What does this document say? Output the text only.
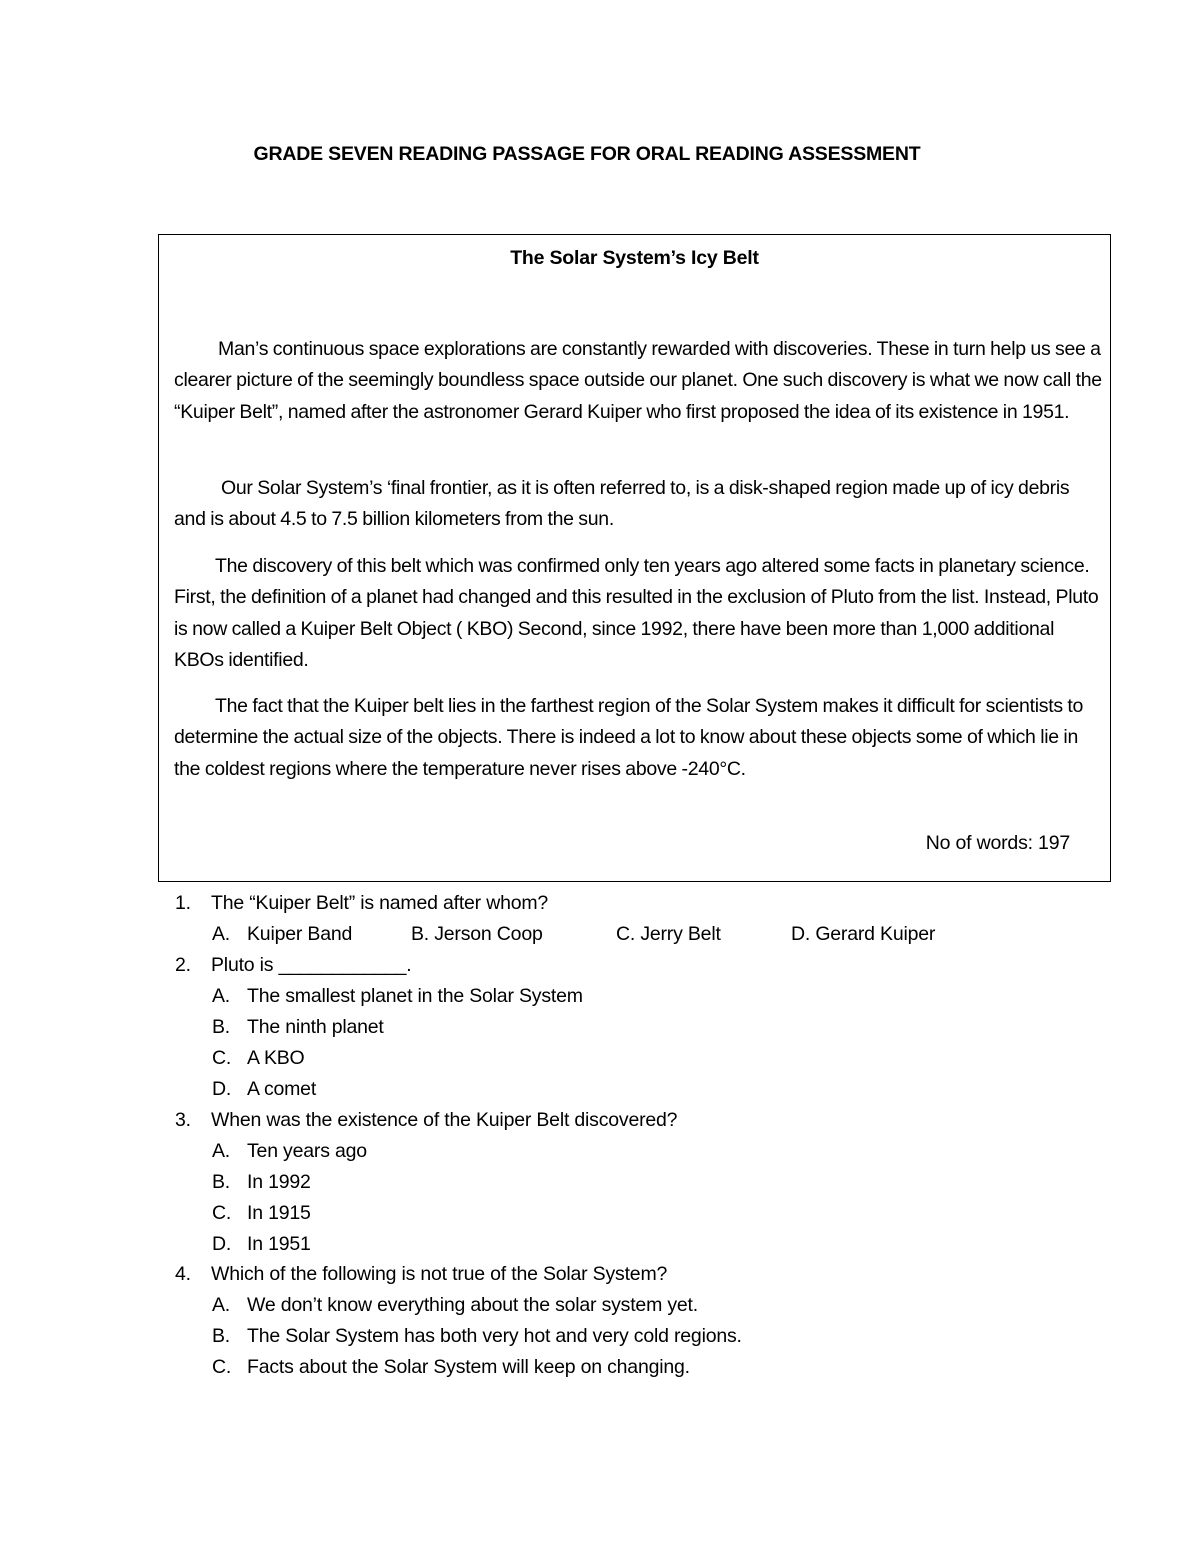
GRADE SEVEN READING PASSAGE FOR ORAL READING ASSESSMENT
The Solar System’s Icy Belt

Man’s continuous space explorations are constantly rewarded with discoveries. These in turn help us see a clearer picture of the seemingly boundless space outside our planet. One such discovery is what we now call the “Kuiper Belt”, named after the astronomer Gerard Kuiper who first proposed the idea of its existence in 1951.

Our Solar System’s ‘final frontier, as it is often referred to, is a disk-shaped region made up of icy debris and is about 4.5 to 7.5 billion kilometers from the sun.

The discovery of this belt which was confirmed only ten years ago altered some facts in planetary science. First, the definition of a planet had changed and this resulted in the exclusion of Pluto from the list. Instead, Pluto is now called a Kuiper Belt Object ( KBO) Second, since 1992, there have been more than 1,000 additional KBOs identified.

The fact that the Kuiper belt lies in the farthest region of the Solar System makes it difficult for scientists to determine the actual size of the objects. There is indeed a lot to know about these objects some of which lie in the coldest regions where the temperature never rises above -240°C.

No of words: 197
1. The “Kuiper Belt” is named after whom?
A. Kuiper Band	B. Jerson Coop	C. Jerry Belt	D. Gerard Kuiper
2. Pluto is ____________.
A. The smallest planet in the Solar System
B. The ninth planet
C. A KBO
D. A comet
3. When was the existence of the Kuiper Belt discovered?
A. Ten years ago
B. In 1992
C. In 1915
D. In 1951
4. Which of the following is not true of the Solar System?
A. We don’t know everything about the solar system yet.
B. The Solar System has both very hot and very cold regions.
C. Facts about the Solar System will keep on changing.
